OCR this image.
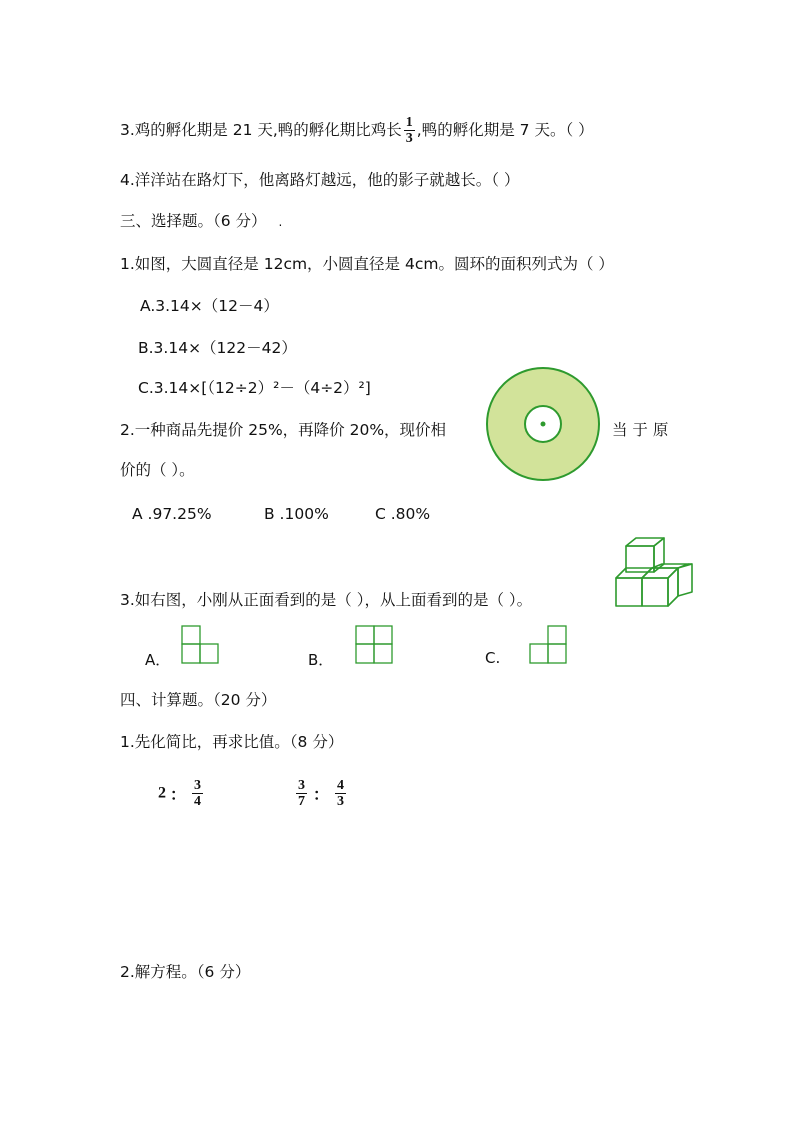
3.鸡的孵化期是 21 天,鸭的孵化期比鸡长 $\frac{1}{3}$ ,鸭的孵化期是 7 天。（ ）
4.洋洋站在路灯下，他离路灯越远，他的影子就越长。（ ）
三、选择题。（6 分） .
1.如图，大圆直径是 12cm，小圆直径是 4cm。圆环的面积列式为（ ）
A.3.14×（12－4）
B.3.14×（122－42）
C.3.14×[（12÷2）²－（4÷2）²]
2.一种商品先提价 25%，再降价 20%，现价相	当 于 原
价的（ ）。
A .97.25%	B .100%	C .80%
3.如右图，小刚从正面看到的是（ ），从上面看到的是（ ）。
A．	B．	C.
四、计算题。（20 分）
1.先化简比，再求比值。（8 分）
2 ： $\frac{3}{4}$	$\frac{3}{7}$ ： $\frac{4}{3}$
2.解方程。（6 分）
